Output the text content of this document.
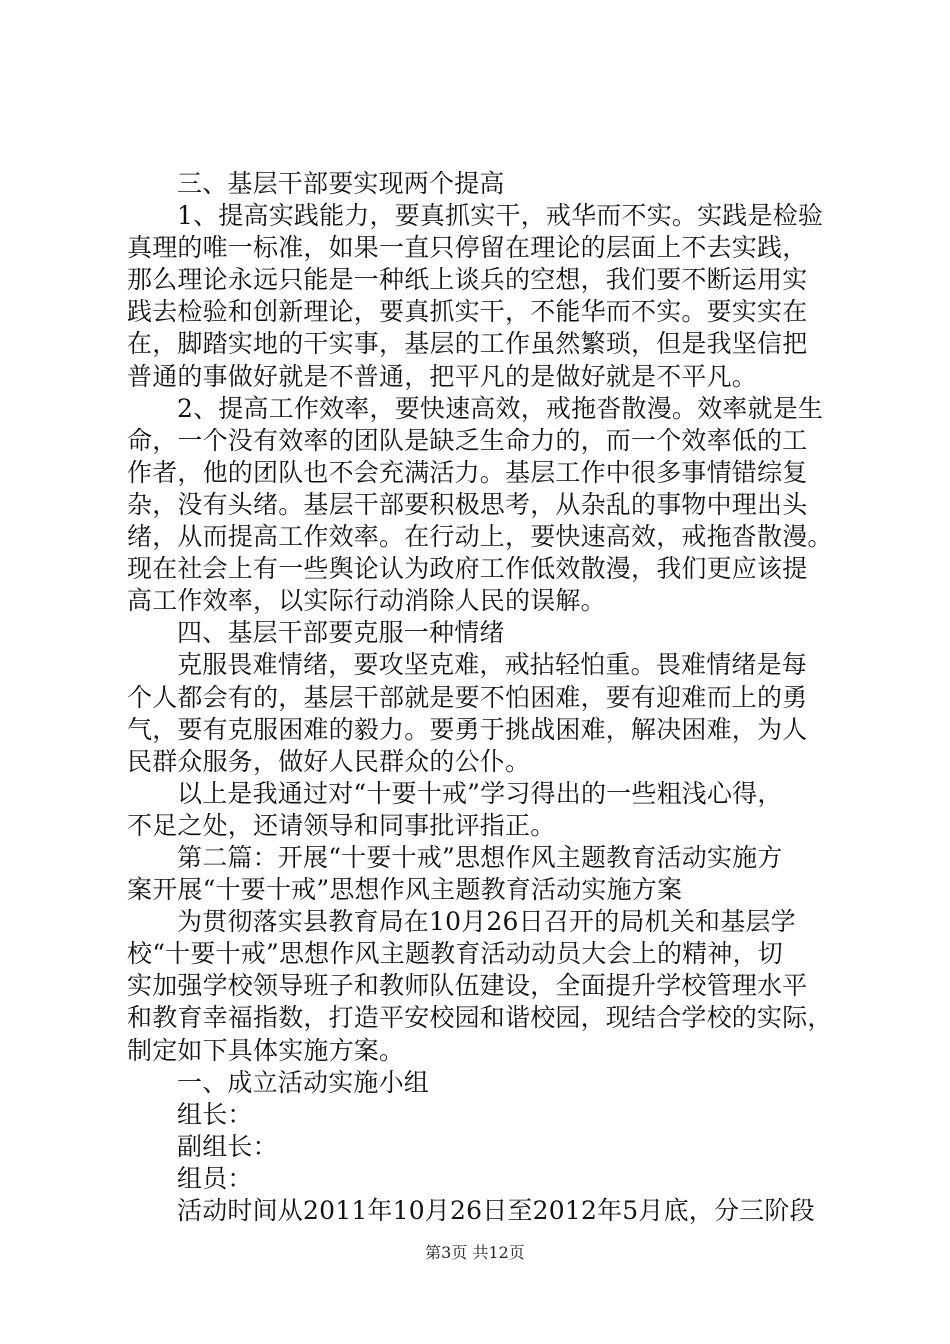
三、基层干部要实现两个提高
1、提高实践能力，要真抓实干，戒华而不实。实践是检验
真理的唯一标准，如果一直只停留在理论的层面上不去实践，
那么理论永远只能是一种纸上谈兵的空想，我们要不断运用实
践去检验和创新理论，要真抓实干，不能华而不实。要实实在
在，脚踏实地的干实事，基层的工作虽然繁琐，但是我坚信把
普通的事做好就是不普通，把平凡的是做好就是不平凡。
2、提高工作效率，要快速高效，戒拖沓散漫。效率就是生
命，一个没有效率的团队是缺乏生命力的，而一个效率低的工
作者，他的团队也不会充满活力。基层工作中很多事情错综复
杂，没有头绪。基层干部要积极思考，从杂乱的事物中理出头
绪，从而提高工作效率。在行动上，要快速高效，戒拖沓散漫。
现在社会上有一些舆论认为政府工作低效散漫，我们更应该提
高工作效率，以实际行动消除人民的误解。
四、基层干部要克服一种情绪
克服畏难情绪，要攻坚克难，戒拈轻怕重。畏难情绪是每
个人都会有的，基层干部就是要不怕困难，要有迎难而上的勇
气，要有克服困难的毅力。要勇于挑战困难，解决困难，为人
民群众服务，做好人民群众的公仆。
以上是我通过对“十要十戒”学习得出的一些粗浅心得，
不足之处，还请领导和同事批评指正。
第二篇：开展“十要十戒”思想作风主题教育活动实施方
案开展“十要十戒”思想作风主题教育活动实施方案
为贯彻落实县教育局在10月26日召开的局机关和基层学
校“十要十戒”思想作风主题教育活动动员大会上的精神，切
实加强学校领导班子和教师队伍建设，全面提升学校管理水平
和教育幸福指数，打造平安校园和谐校园，现结合学校的实际，
制定如下具体实施方案。
一、成立活动实施小组
组长：
副组长：
组员：
活动时间从2011年10月26日至2012年5月底，分三阶段
第3页 共12页
